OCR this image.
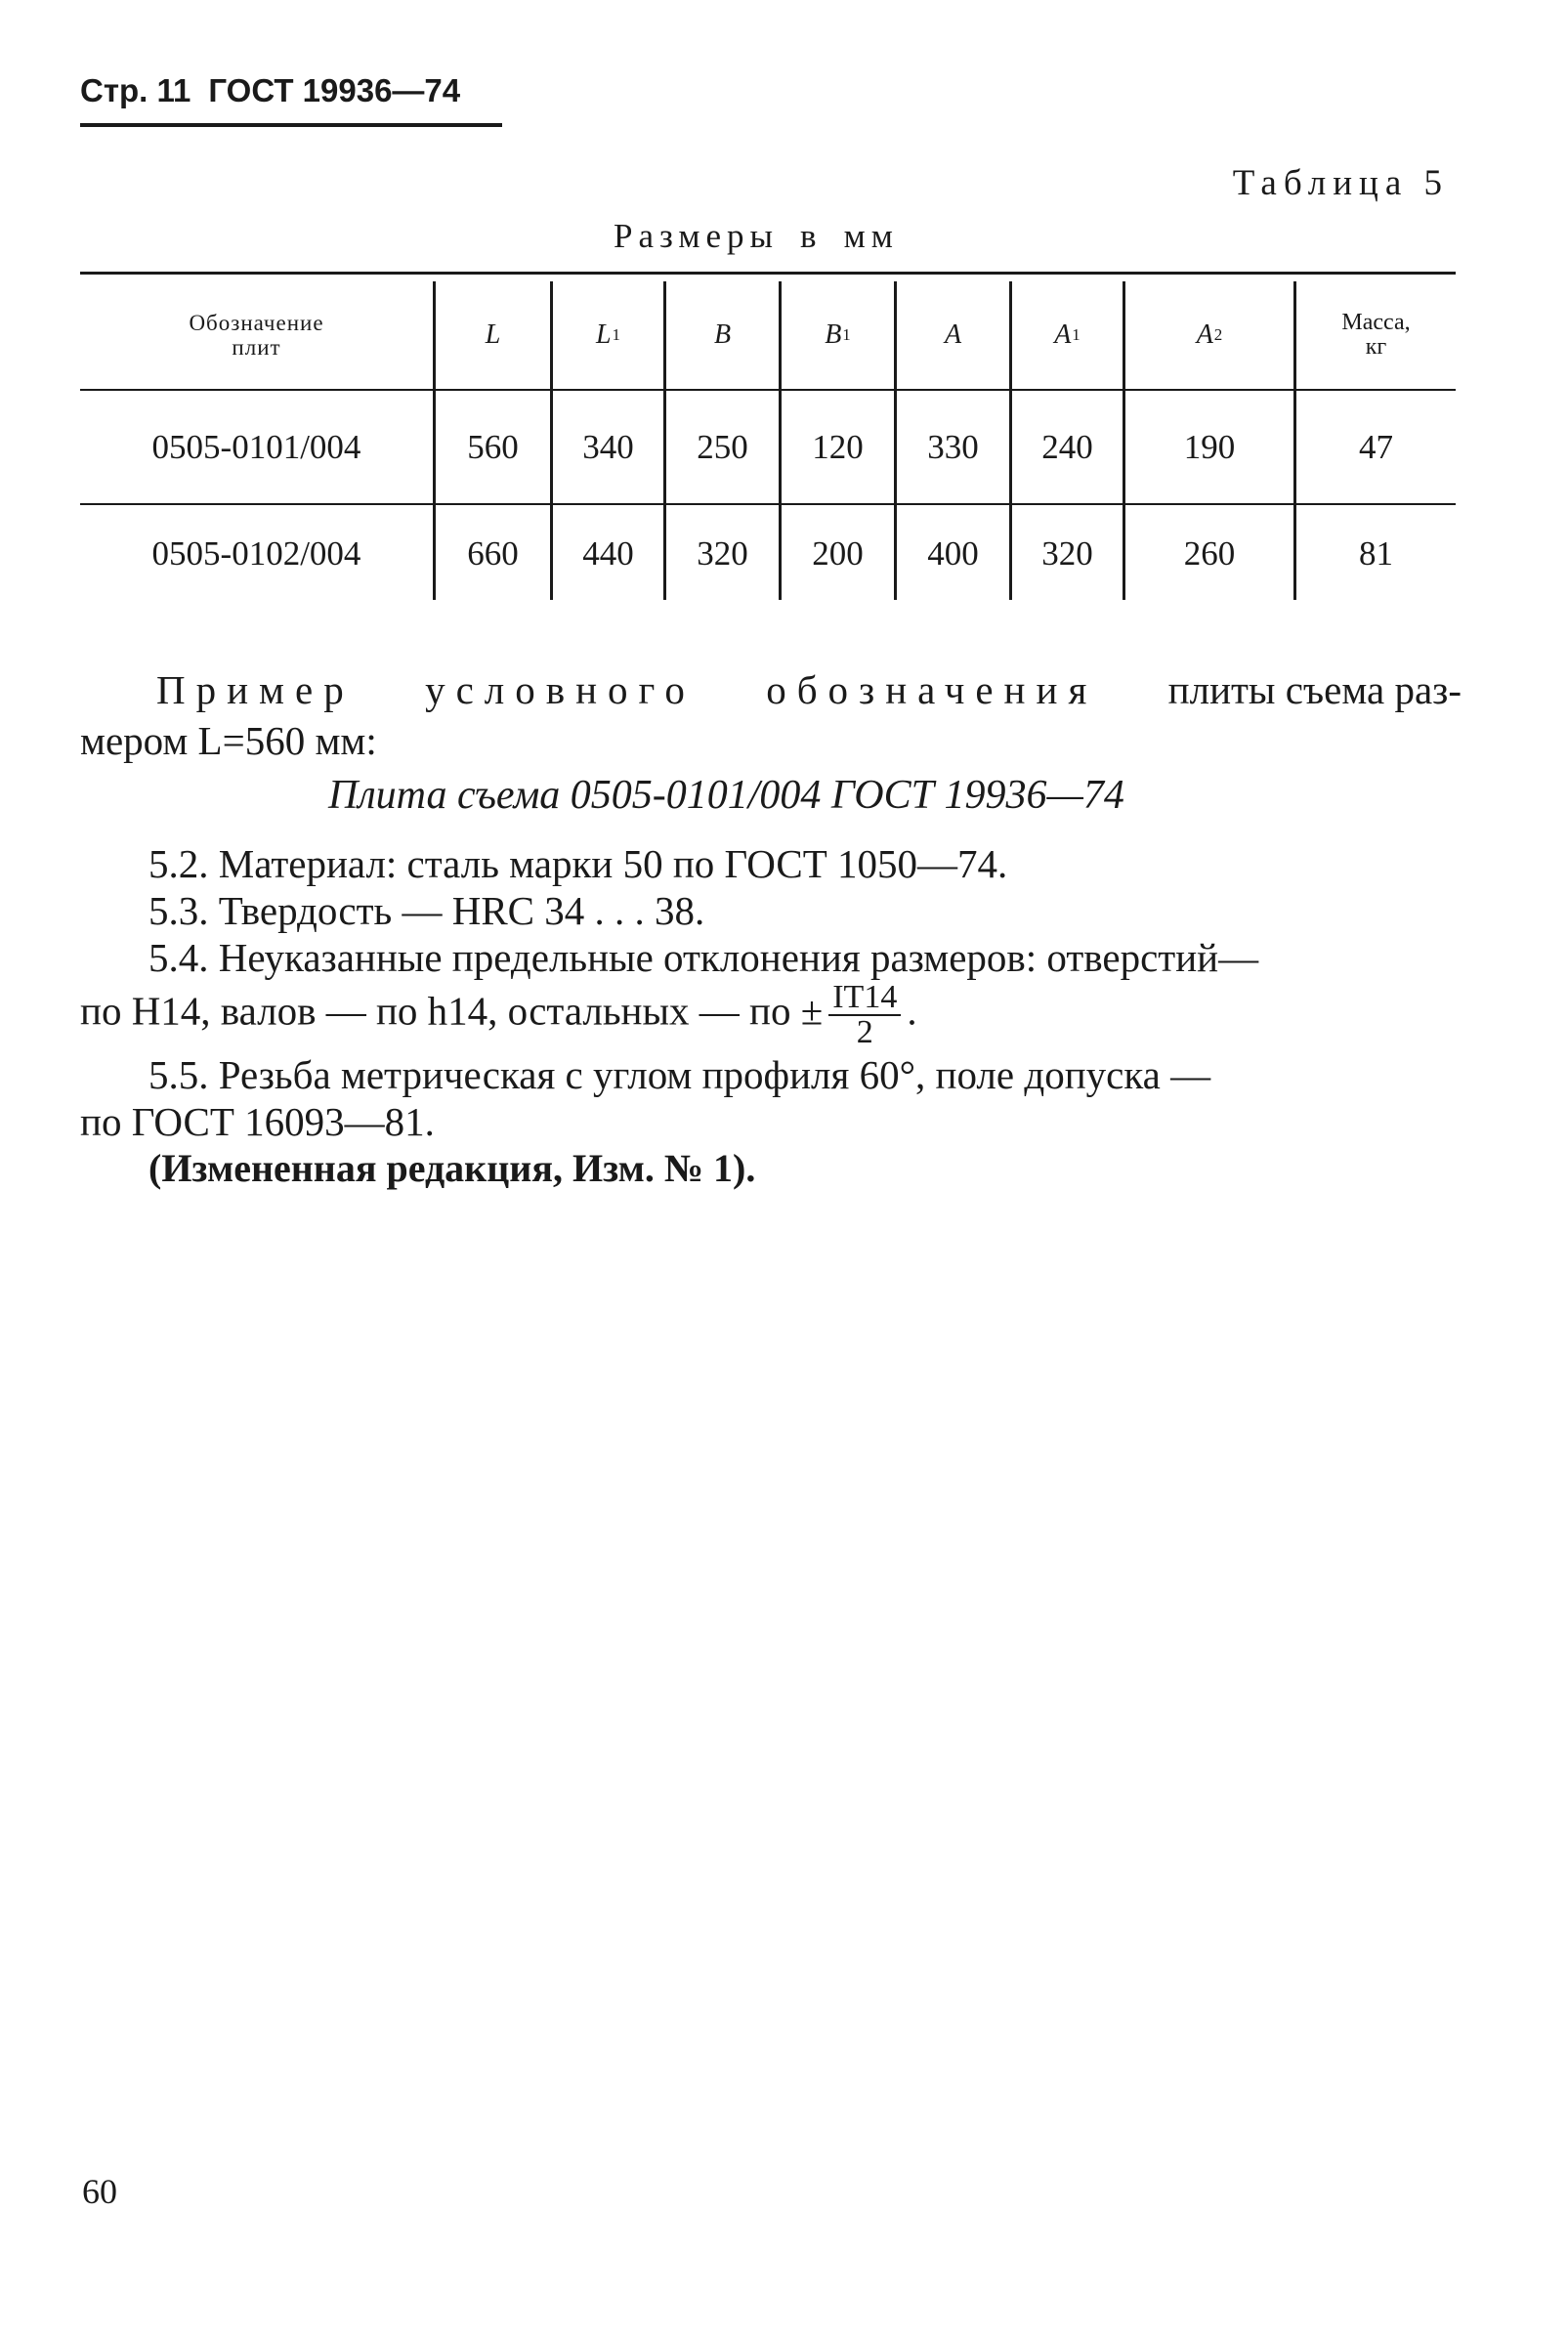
Стр. 11 ГОСТ 19936—74
Таблица 5
Размеры в мм
Обозначение
плит	L	L 1	B	B 1	A	A 1	A 2	Масса,
кг
0505-0101/004	560	340	250	120	330	240	190	47
0505-0102/004	660	440	320	200	400	320	260	81
Пример условного обозначения плиты съема раз-
мером L=560 мм:
Плита съема 0505-0101/004 ГОСТ 19936—74
5.2. Материал: сталь марки 50 по ГОСТ 1050—74.
5.3. Твердость — HRC 34 . . . 38.
5.4. Неуказанные предельные отклонения размеров: отверстий—
по Н14, валов — по h14, остальных — по ± $\frac{IT14}{2}$ .
5.5. Резьба метрическая с углом профиля 60°, поле допуска —
по ГОСТ 16093—81.
(Измененная редакция, Изм. № 1).
60
